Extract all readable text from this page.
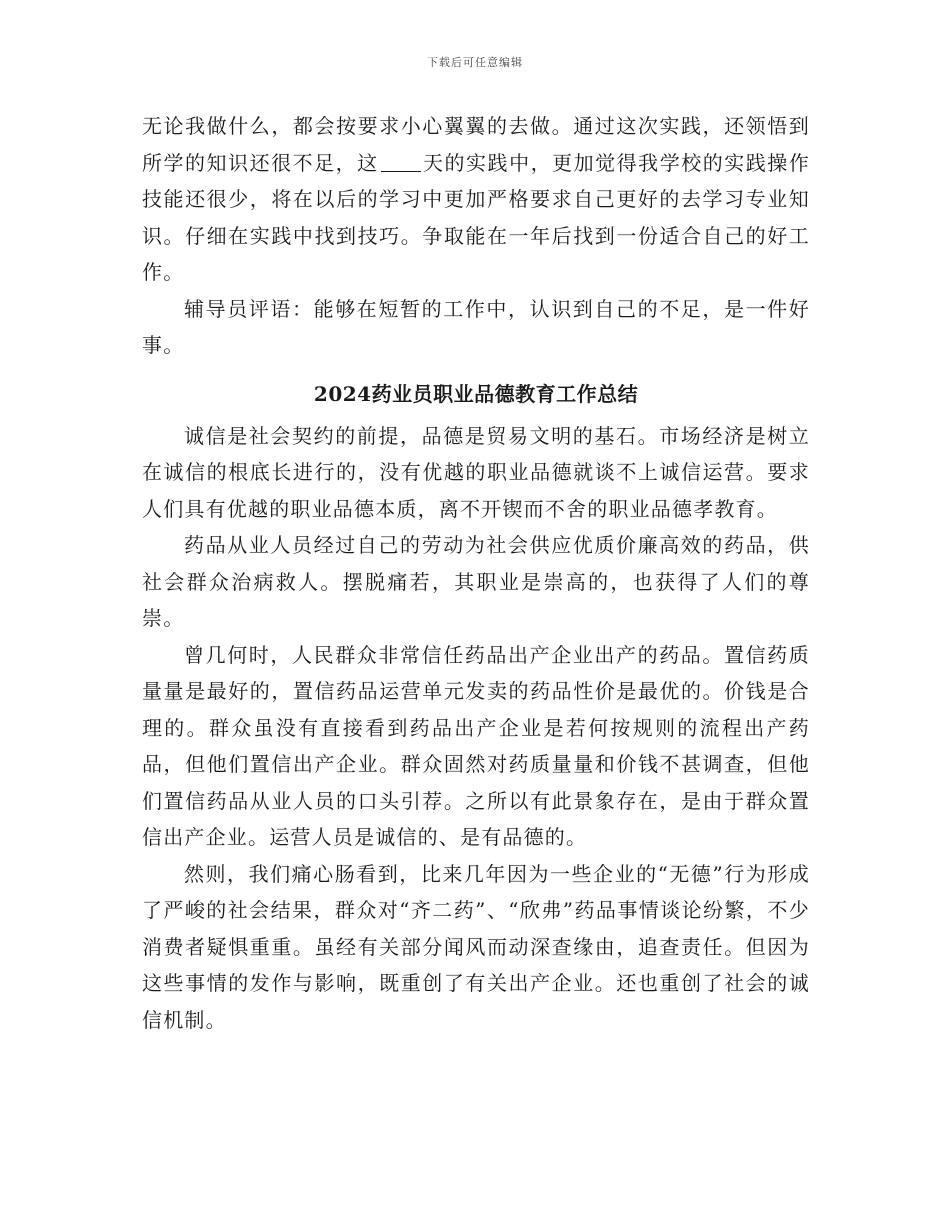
下载后可任意编辑

无论我做什么，都会按要求小心翼翼的去做。通过这次实践，还领悟到所学的知识还很不足，这 天的实践中，更加觉得我学校的实践操作技能还很少，将在以后的学习中更加严格要求自己更好的去学习专业知识。仔细在实践中找到技巧。争取能在一年后找到一份适合自己的好工作。

辅导员评语：能够在短暂的工作中，认识到自己的不足，是一件好事。

2024药业员职业品德教育工作总结

诚信是社会契约的前提，品德是贸易文明的基石。市场经济是树立在诚信的根底长进行的，没有优越的职业品德就谈不上诚信运营。要求人们具有优越的职业品德本质，离不开锲而不舍的职业品德孝教育。

药品从业人员经过自己的劳动为社会供应优质价廉高效的药品，供社会群众治病救人。摆脱痛若，其职业是崇高的，也获得了人们的尊崇。

曾几何时，人民群众非常信任药品出产企业出产的药品。置信药质量量是最好的，置信药品运营单元发卖的药品性价是最优的。价钱是合理的。群众虽没有直接看到药品出产企业是若何按规则的流程出产药品，但他们置信出产企业。群众固然对药质量量和价钱不甚调查，但他们置信药品从业人员的口头引荐。之所以有此景象存在，是由于群众置信出产企业。运营人员是诚信的、是有品德的。

然则，我们痛心肠看到，比来几年因为一些企业的“无德”行为形成了严峻的社会结果，群众对“齐二药”、“欣弗”药品事情谈论纷繁，不少消费者疑惧重重。虽经有关部分闻风而动深查缘由，追查责任。但因为这些事情的发作与影响，既重创了有关出产企业。还也重创了社会的诚信机制。
